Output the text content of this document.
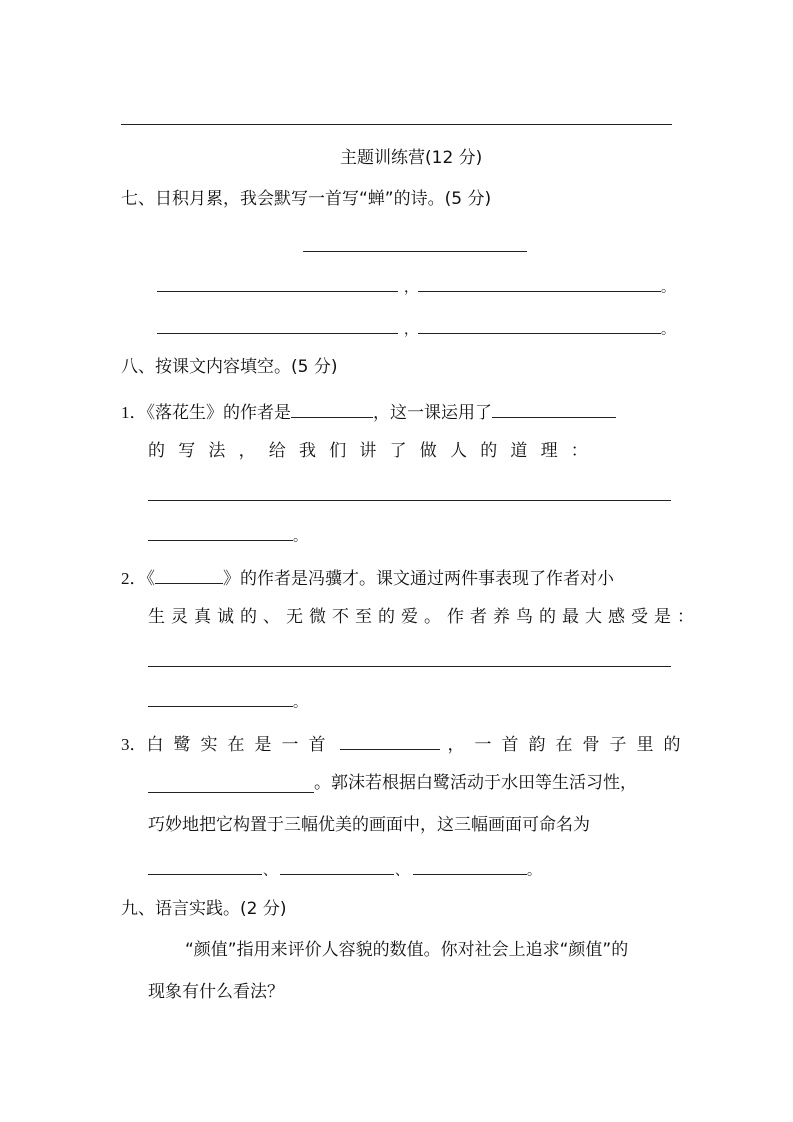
主题训练营(12 分)
七、日积月累，我会默写一首写“蝉”的诗。(5 分)
，	。
，	。
八、按课文内容填空。(5 分)
1．《落花生》的作者是	，这一课运用了
的写法，给我们讲了做人的道理：
。
2．《	》的作者是冯骥才。课文通过两件事表现了作者对小
生灵真诚的、无微不至的爱。作者养鸟的最大感受是：
。
3．白鹭实在是一首	，一首韵在骨子里的
。郭沫若根据白鹭活动于水田等生活习性，
巧妙地把它构置于三幅优美的画面中，这三幅画面可命名为
、	、	。
九、语言实践。(2 分)
“颜值”指用来评价人容貌的数值。你对社会上追求“颜值”的
现象有什么看法？
